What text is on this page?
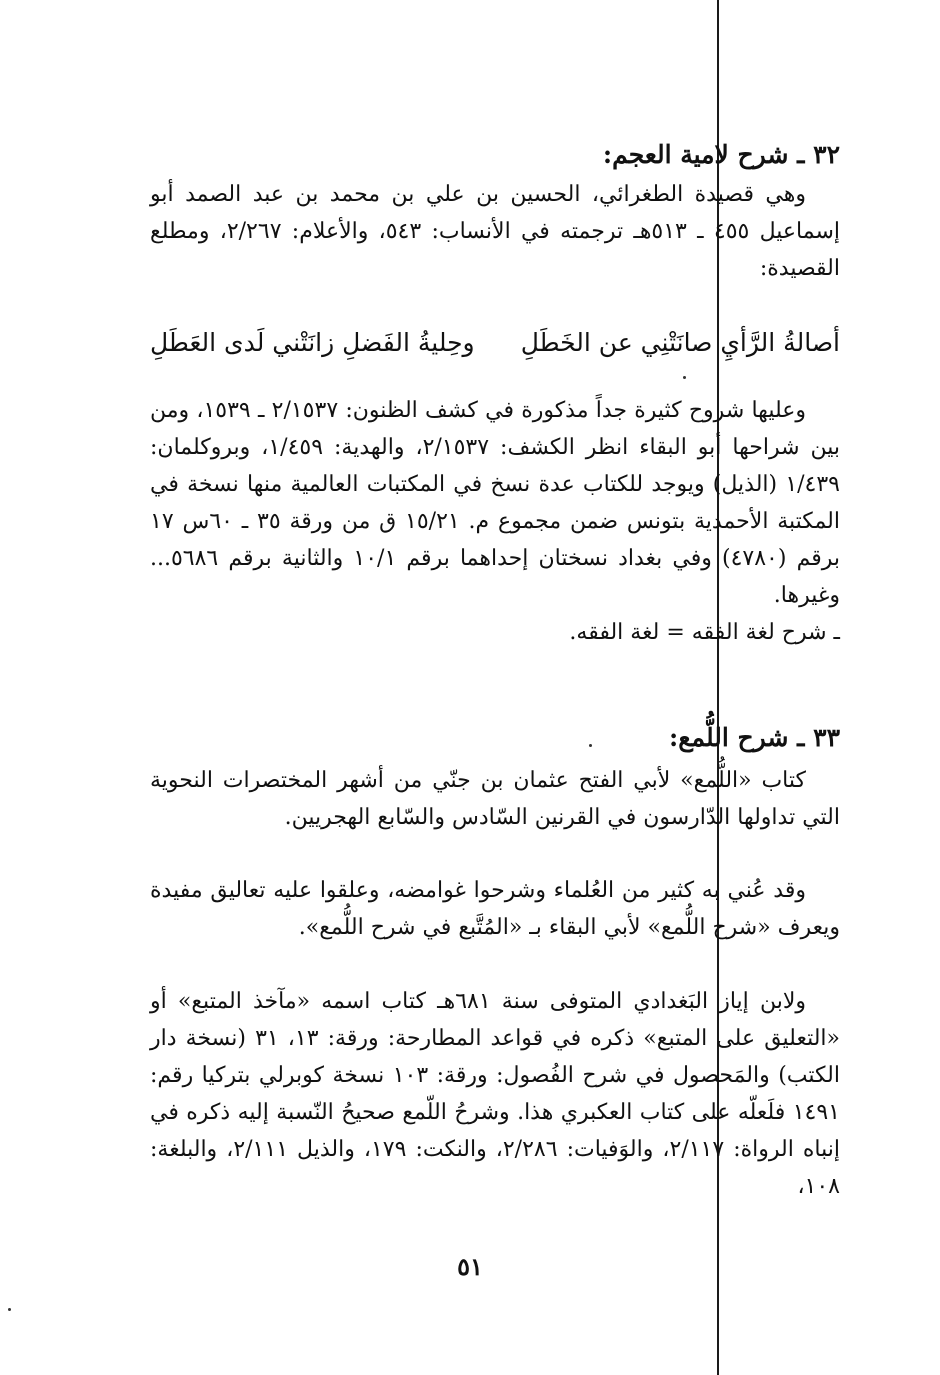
٣٢ ـ شرح لامية العجم:

وهي قصيدة الطغرائي، الحسين بن علي بن محمد بن عبد الصمد أبو إسماعيل ٤٥٥ ـ ٥١٣هـ ترجمته في الأنساب: ٥٤٣، والأعلام: ٢/٢٦٧، ومطلع القصيدة:

أصالةُ الرَّأيِ صانَتْنِي عن الخَطَلِ
وحِليةُ الفَضلِ زانَتْني لَدى العَطَلِ

وعليها شروح كثيرة جداً مذكورة في كشف الظنون: ٢/١٥٣٧ ـ ١٥٣٩، ومن بين شراحها أبو البقاء انظر الكشف: ٢/١٥٣٧، والهدية: ١/٤٥٩، وبروكلمان: ١/٤٣٩ (الذيل) ويوجد للكتاب عدة نسخ في المكتبات العالمية منها نسخة في المكتبة الأحمدية بتونس ضمن مجموع م. ١٥/٢١ ق من ورقة ٣٥ ـ ٦٠س ١٧ برقم (٤٧٨٠) وفي بغداد نسختان إحداهما برقم ١٠/١ والثانية برقم ٥٦٨٦... وغيرها.

ـ شرح لغة الفقه = لغة الفقه.

٣٣ ـ شرح اللُّمع:

كتاب «اللُّمع» لأبي الفتح عثمان بن جنّي من أشهر المختصرات النحوية التي تداولها الدّارسون في القرنين السّادس والسّابع الهجريين.

وقد عُني به كثير من العُلماء وشرحوا غوامضه، وعلقوا عليه تعاليق مفيدة ويعرف «شرح اللُّمع» لأبي البقاء بـ «المُتَّبع في شرح اللُّمع».

ولابن إياز البَغدادي المتوفى سنة ٦٨١هـ كتاب اسمه «مآخذ المتبع» أو «التعليق على المتبع» ذكره في قواعد المطارحة: ورقة: ١٣، ٣١ (نسخة دار الكتب) والمَحصول في شرح الفُصول: ورقة: ١٠٣ نسخة كوبرلي بتركيا رقم: ١٤٩١ فلَعلّه على كتاب العكبري هذا. وشرحُ اللّمع صحيحُ النّسبة إليه ذكره في إنباه الرواة: ٢/١١٧، والوَفيات: ٢/٢٨٦، والنكت: ١٧٩، والذيل ٢/١١١، والبلغة: ١٠٨،

٥١
